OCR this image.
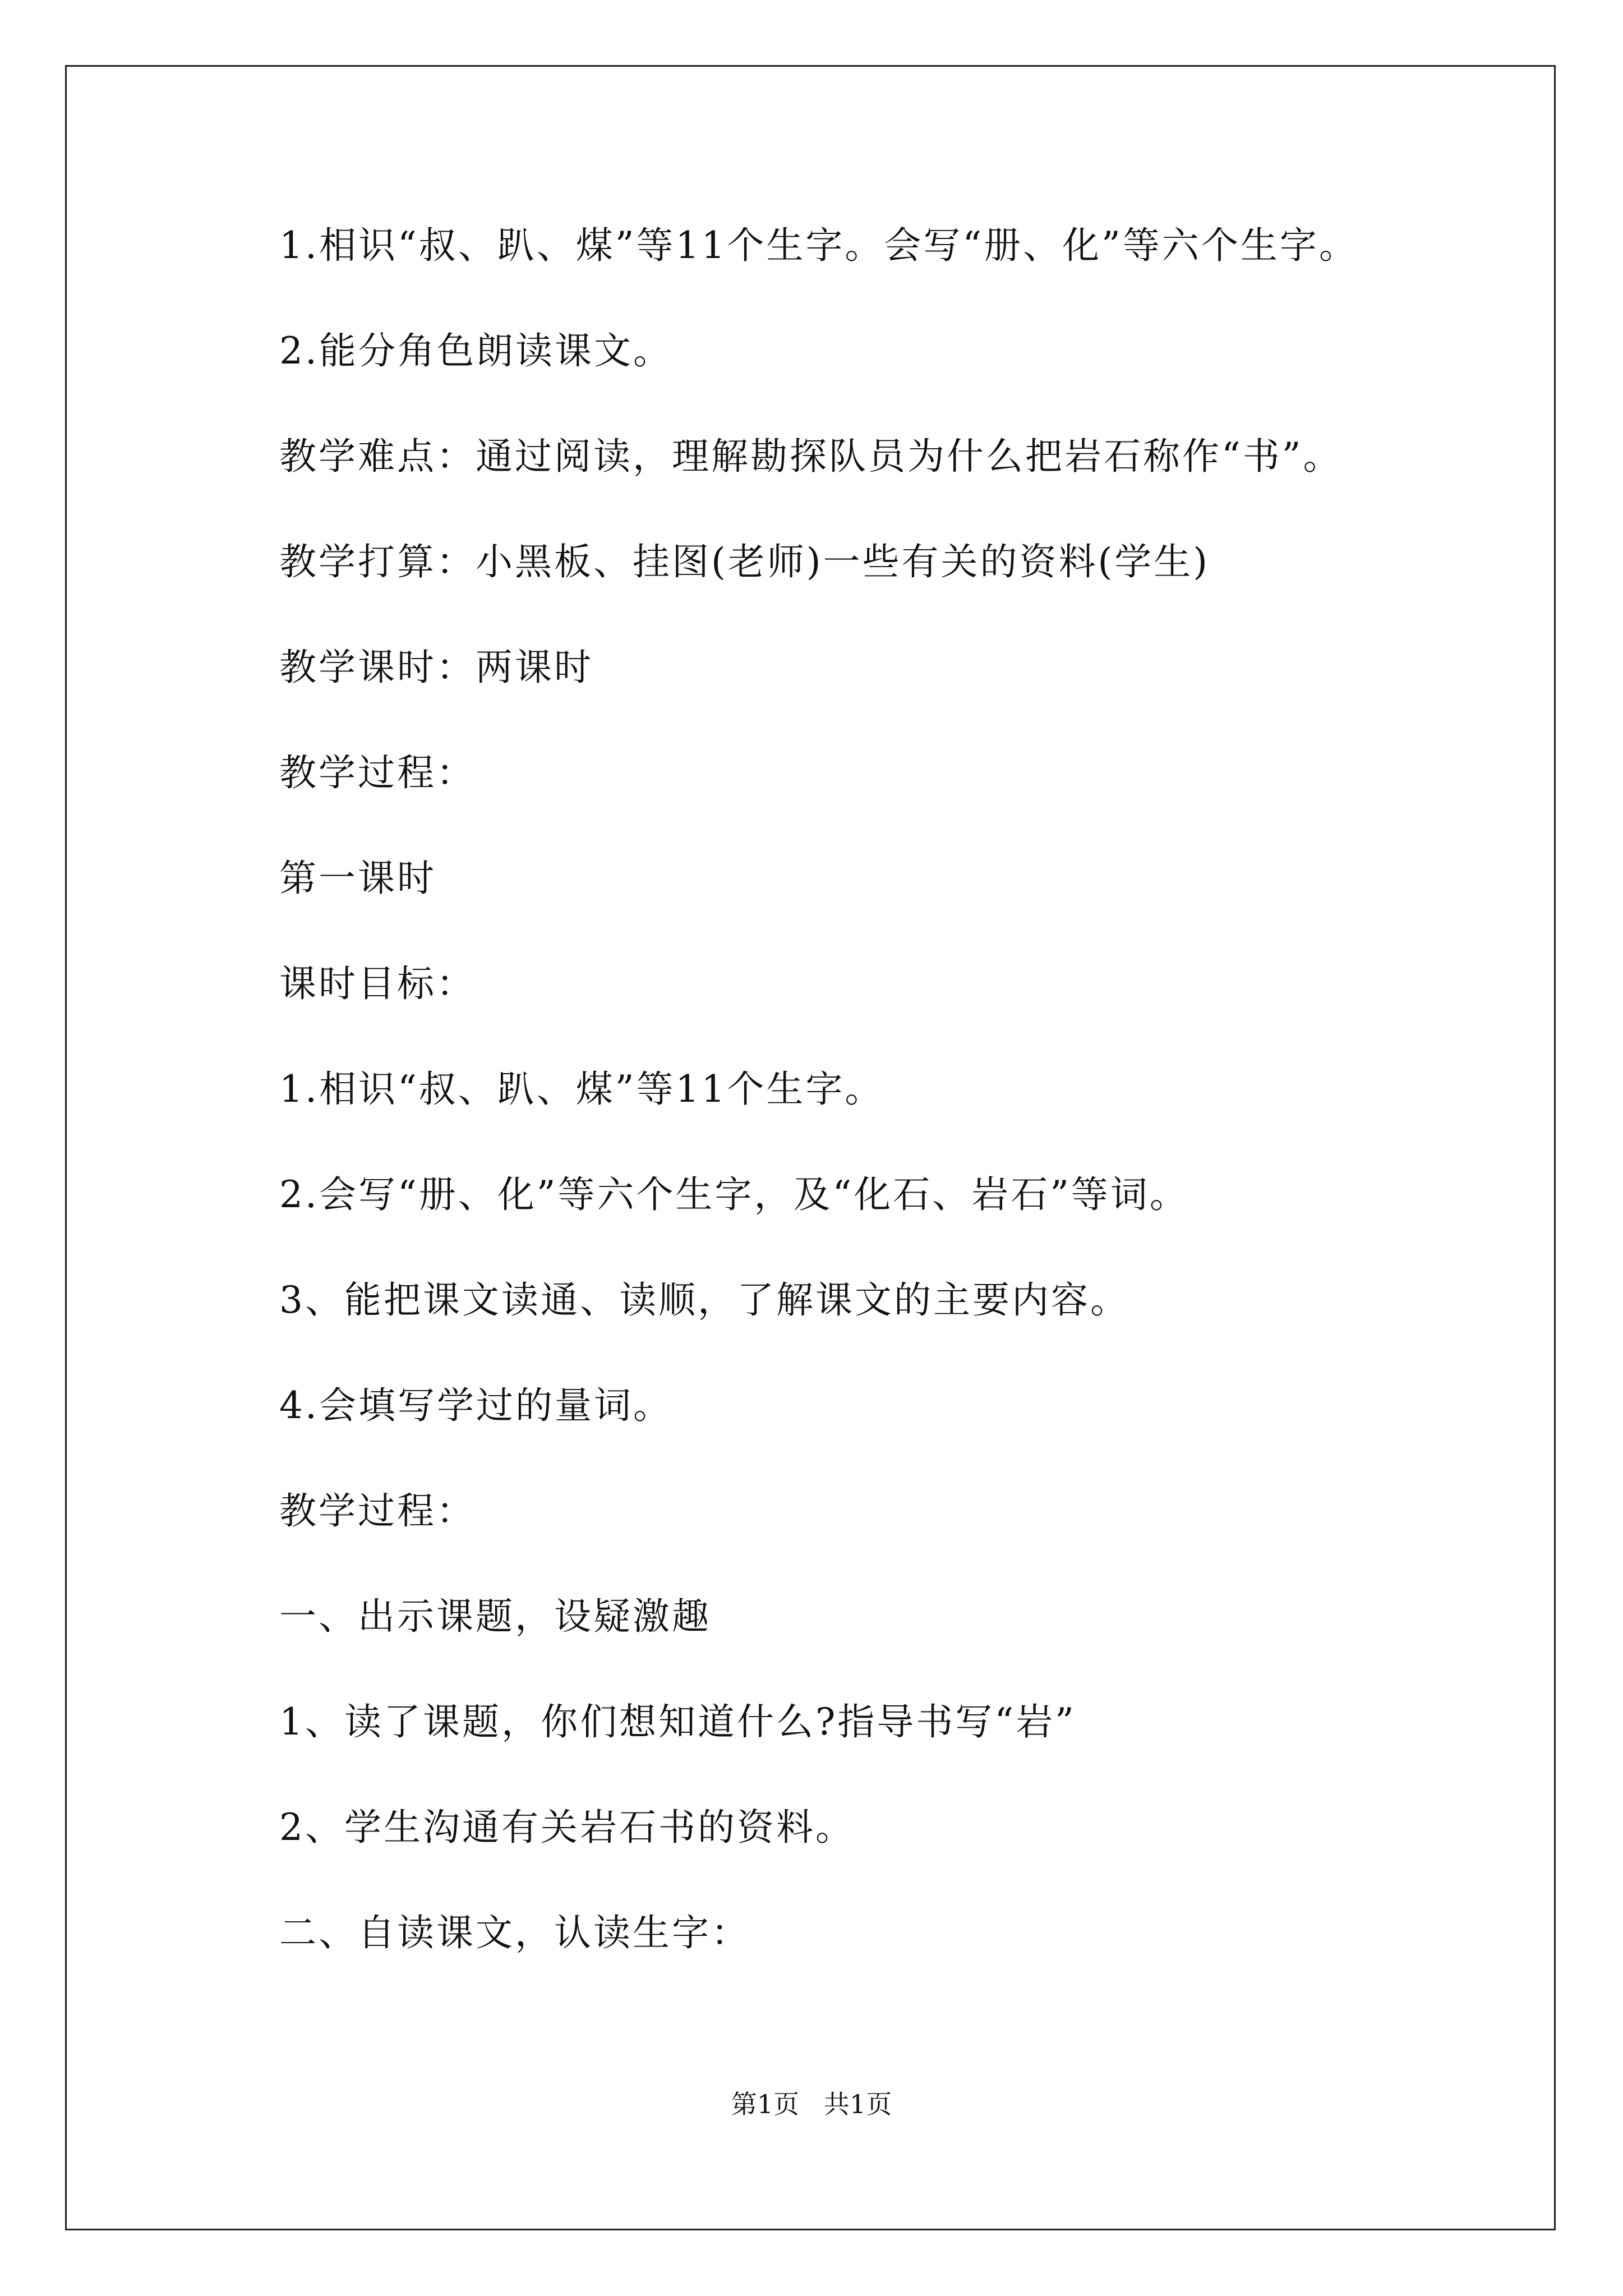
1.相识“叔、趴、煤”等11个生字。会写“册、化”等六个生字。
2.能分角色朗读课文。
教学难点：通过阅读，理解勘探队员为什么把岩石称作“书”。
教学打算：小黑板、挂图(老师)一些有关的资料(学生)
教学课时：两课时
教学过程：
第一课时
课时目标：
1.相识“叔、趴、煤”等11个生字。
2.会写“册、化”等六个生字，及“化石、岩石”等词。
3、能把课文读通、读顺，了解课文的主要内容。
4.会填写学过的量词。
教学过程：
一、出示课题，设疑激趣
1、读了课题，你们想知道什么?指导书写“岩”
2、学生沟通有关岩石书的资料。
二、自读课文，认读生字：
第1页   共1页
